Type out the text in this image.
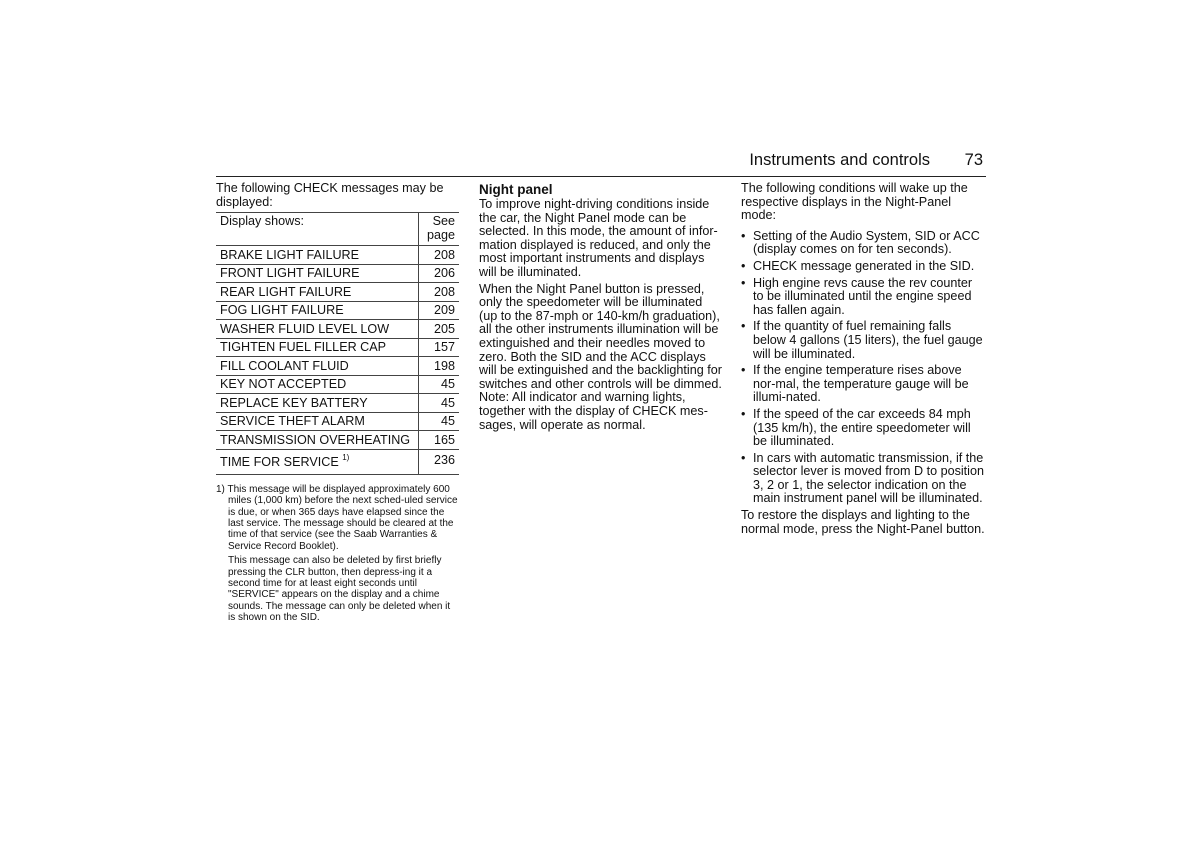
Instruments and controls 73

The following CHECK messages may be displayed:

Display shows:	See
page
BRAKE LIGHT FAILURE	208
FRONT LIGHT FAILURE	206
REAR LIGHT FAILURE	208
FOG LIGHT FAILURE	209
WASHER FLUID LEVEL LOW	205
TIGHTEN FUEL FILLER CAP	157
FILL COOLANT FLUID	198
KEY NOT ACCEPTED	45
REPLACE KEY BATTERY	45
SERVICE THEFT ALARM	45
TRANSMISSION OVERHEATING	165
TIME FOR SERVICE $^{1)}$	236

1) This message will be displayed approximately 600 miles (1,000 km) before the next sched-uled service is due, or when 365 days have elapsed since the last service. The message should be cleared at the time of that service (see the Saab Warranties & Service Record Booklet).

This message can also be deleted by first briefly pressing the CLR button, then depress-ing it a second time for at least eight seconds until "SERVICE" appears on the display and a chime sounds. The message can only be deleted when it is shown on the SID.

Night panel

To improve night-driving conditions inside the car, the Night Panel mode can be selected. In this mode, the amount of infor-mation displayed is reduced, and only the most important instruments and displays will be illuminated.

When the Night Panel button is pressed, only the speedometer will be illuminated (up to the 87-mph or 140-km/h graduation), all the other instruments illumination will be extinguished and their needles moved to zero. Both the SID and the ACC displays will be extinguished and the backlighting for switches and other controls will be dimmed. Note: All indicator and warning lights, together with the display of CHECK mes-sages, will operate as normal.

The following conditions will wake up the respective displays in the Night-Panel mode:

• Setting of the Audio System, SID or ACC (display comes on for ten seconds).
• CHECK message generated in the SID.
• High engine revs cause the rev counter to be illuminated until the engine speed has fallen again.
• If the quantity of fuel remaining falls below 4 gallons (15 liters), the fuel gauge will be illuminated.
• If the engine temperature rises above nor-mal, the temperature gauge will be illumi-nated.
• If the speed of the car exceeds 84 mph (135 km/h), the entire speedometer will be illuminated.
• In cars with automatic transmission, if the selector lever is moved from D to position 3, 2 or 1, the selector indication on the main instrument panel will be illuminated.

To restore the displays and lighting to the normal mode, press the Night-Panel button.
